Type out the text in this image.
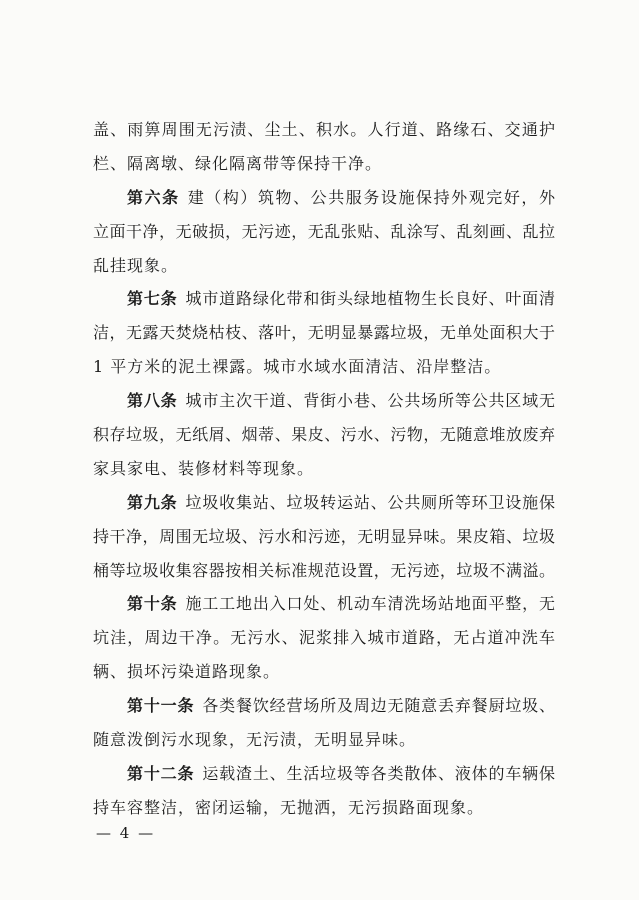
盖、雨箅周围无污渍、尘土、积水。人行道、路缘石、交通护
栏、隔离墩、绿化隔离带等保持干净。
第六条 建（构）筑物、公共服务设施保持外观完好，外
立面干净，无破损，无污迹，无乱张贴、乱涂写、乱刻画、乱拉
乱挂现象。
第七条 城市道路绿化带和街头绿地植物生长良好、叶面清
洁，无露天焚烧枯枝、落叶，无明显暴露垃圾，无单处面积大于
1 平方米的泥土裸露。城市水域水面清洁、沿岸整洁。
第八条 城市主次干道、背街小巷、公共场所等公共区域无
积存垃圾，无纸屑、烟蒂、果皮、污水、污物，无随意堆放废弃
家具家电、装修材料等现象。
第九条 垃圾收集站、垃圾转运站、公共厕所等环卫设施保
持干净，周围无垃圾、污水和污迹，无明显异味。果皮箱、垃圾
桶等垃圾收集容器按相关标准规范设置，无污迹，垃圾不满溢。
第十条 施工工地出入口处、机动车清洗场站地面平整，无
坑洼，周边干净。无污水、泥浆排入城市道路，无占道冲洗车
辆、损坏污染道路现象。
第十一条 各类餐饮经营场所及周边无随意丢弃餐厨垃圾、
随意泼倒污水现象，无污渍，无明显异味。
第十二条 运载渣土、生活垃圾等各类散体、液体的车辆保
持车容整洁，密闭运输，无抛洒，无污损路面现象。
— 4 —
